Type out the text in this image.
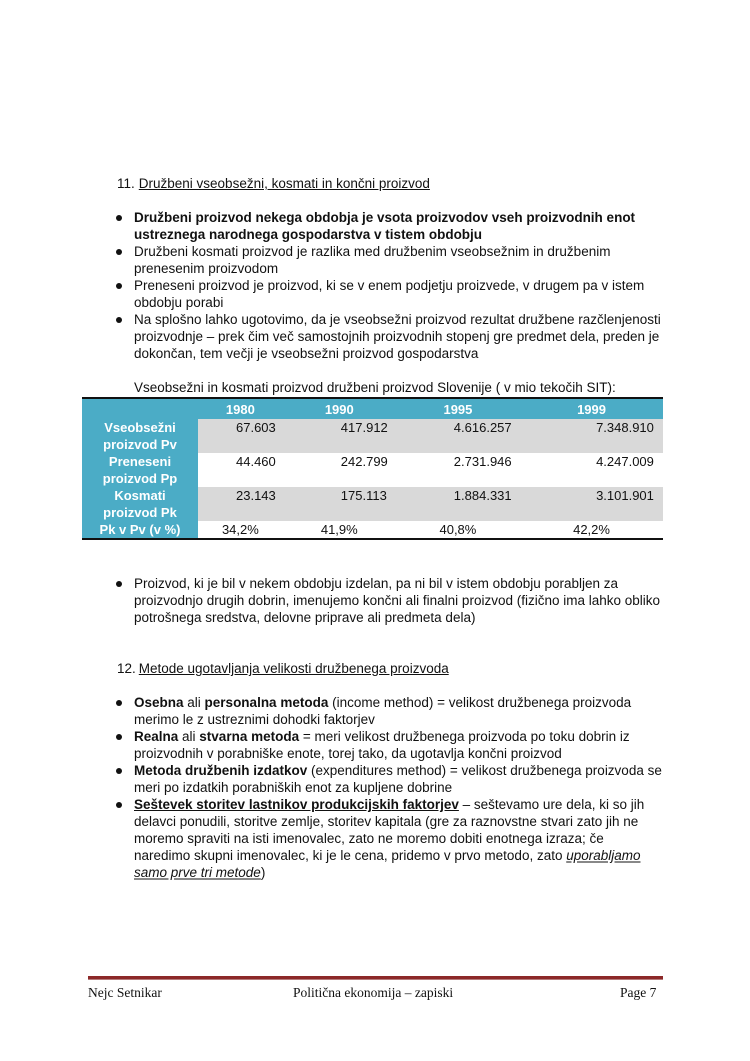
11. Družbeni vseobsežni, kosmati in končni proizvod
Družbeni proizvod nekega obdobja je vsota proizvodov vseh proizvodnih enot ustreznega narodnega gospodarstva v tistem obdobju
Družbeni kosmati proizvod je razlika med družbenim vseobsežnim in družbenim prenesenim proizvodom
Preneseni proizvod je proizvod, ki se v enem podjetju proizvede, v drugem pa v istem obdobju porabi
Na splošno lahko ugotovimo, da je vseobsežni proizvod rezultat družbene razčlenjenosti proizvodnje – prek čim več samostojnih proizvodnih stopenj gre predmet dela, preden je dokončan, tem večji je vseobsežni proizvod gospodarstva
Vseobsežni in kosmati proizvod družbeni proizvod Slovenije ( v mio tekočih SIT):
	1980	1990	1995	1999
Vseobsežni proizvod Pv	67.603	417.912	4.616.257	7.348.910
Preneseni proizvod Pp	44.460	242.799	2.731.946	4.247.009
Kosmati proizvod Pk	23.143	175.113	1.884.331	3.101.901
Pk v Pv (v %)	34,2%	41,9%	40,8%	42,2%
Proizvod, ki je bil v nekem obdobju izdelan, pa ni bil v istem obdobju porabljen za proizvodnjo drugih dobrin, imenujemo končni ali finalni proizvod (fizično ima lahko obliko potrošnega sredstva, delovne priprave ali predmeta dela)
12. Metode ugotavljanja velikosti družbenega proizvoda
Osebna ali personalna metoda (income method) = velikost družbenega proizvoda merimo le z ustreznimi dohodki faktorjev
Realna ali stvarna metoda = meri velikost družbenega proizvoda po toku dobrin iz proizvodnih v porabniške enote, torej tako, da ugotavlja končni proizvod
Metoda družbenih izdatkov (expenditures method) = velikost družbenega proizvoda se meri po izdatkih porabniških enot za kupljene dobrine
Seštevek storitev lastnikov produkcijskih faktorjev – seštevamo ure dela, ki so jih delavci ponudili, storitve zemlje, storitev kapitala (gre za raznovstne stvari zato jih ne moremo spraviti na isti imenovalec, zato ne moremo dobiti enotnega izraza; če naredimo skupni imenovalec, ki je le cena, pridemo v prvo metodo, zato uporabljamo samo prve tri metode)
Nejc Setnikar	Politična ekonomija – zapiski	Page 7
